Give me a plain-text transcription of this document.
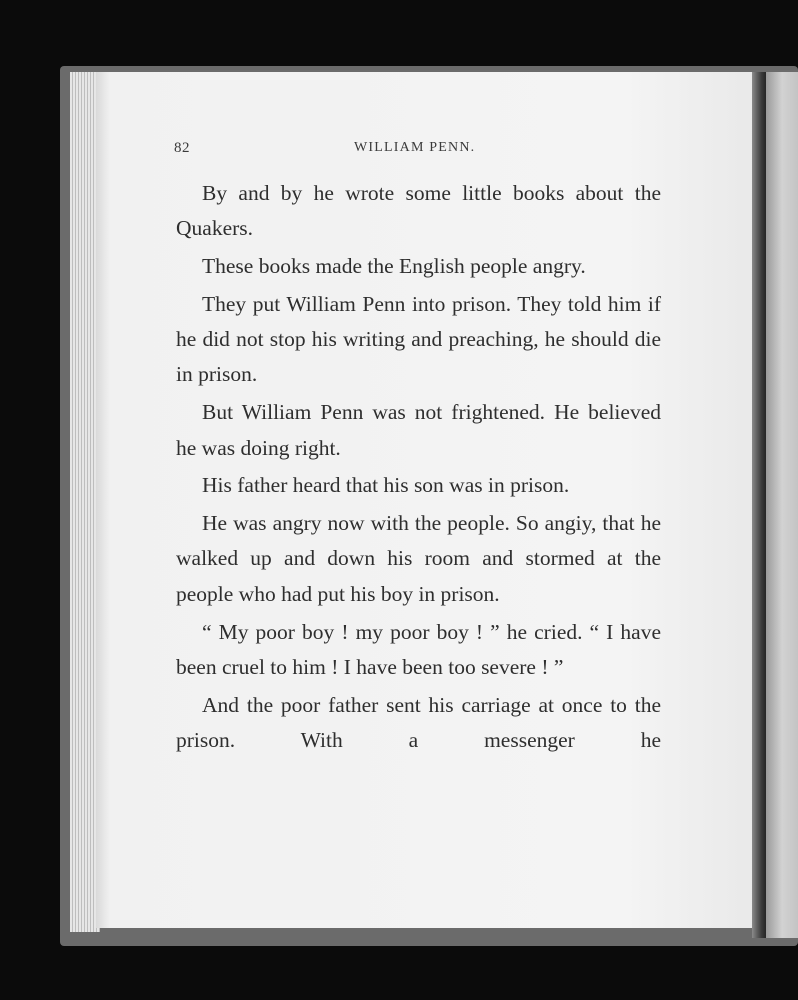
82	WILLIAM PENN.

By and by he wrote some little books about the Quakers.

These books made the English people angry.

They put William Penn into prison. They told him if he did not stop his writing and preaching, he should die in prison.

But William Penn was not frightened. He believed he was doing right.

His father heard that his son was in prison.

He was angry now with the people. So angiy, that he walked up and down his room and stormed at the people who had put his boy in prison.

“ My poor boy ! my poor boy ! ” he cried. “ I have been cruel to him ! I have been too severe ! ”

And the poor father sent his carriage at once to the prison. With a messenger he
